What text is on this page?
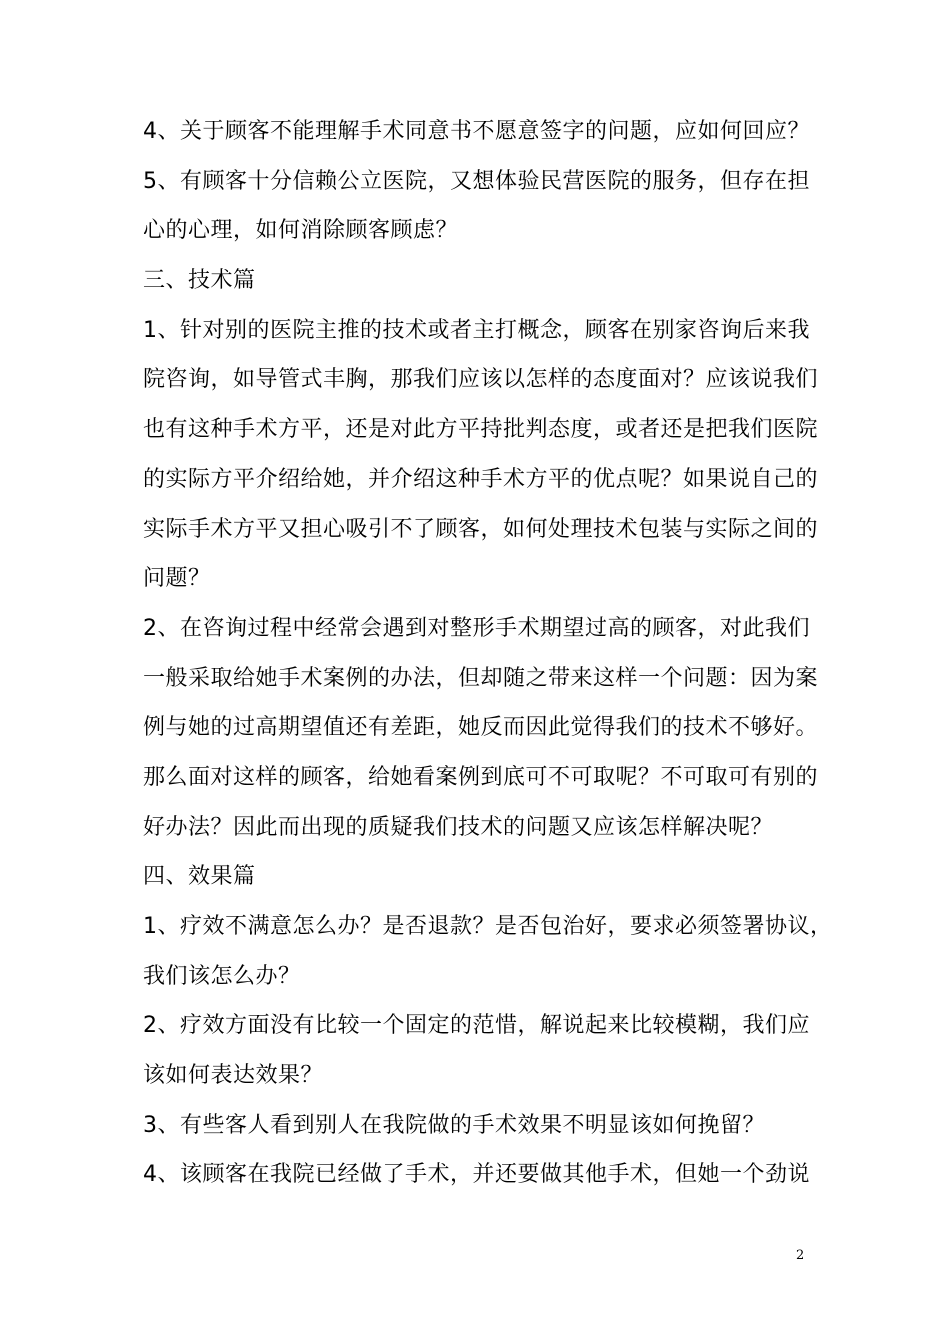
4、关于顾客不能理解手术同意书不愿意签字的问题，应如何回应？
5、有顾客十分信赖公立医院，又想体验民营医院的服务，但存在担
心的心理，如何消除顾客顾虑？
三、技术篇
1、针对别的医院主推的技术或者主打概念，顾客在别家咨询后来我
院咨询，如导管式丰胸，那我们应该以怎样的态度面对？应该说我们
也有这种手术方平，还是对此方平持批判态度，或者还是把我们医院
的实际方平介绍给她，并介绍这种手术方平的优点呢？如果说自己的
实际手术方平又担心吸引不了顾客，如何处理技术包装与实际之间的
问题？
2、在咨询过程中经常会遇到对整形手术期望过高的顾客，对此我们
一般采取给她手术案例的办法，但却随之带来这样一个问题：因为案
例与她的过高期望值还有差距，她反而因此觉得我们的技术不够好。
那么面对这样的顾客，给她看案例到底可不可取呢？不可取可有别的
好办法？因此而出现的质疑我们技术的问题又应该怎样解决呢？
四、效果篇
1、疗效不满意怎么办？是否退款？是否包治好，要求必须签署协议，
我们该怎么办？
2、疗效方面没有比较一个固定的范惜，解说起来比较模糊，我们应
该如何表达效果？
3、有些客人看到别人在我院做的手术效果不明显该如何挽留？
4、该顾客在我院已经做了手术，并还要做其他手术，但她一个劲说
2
